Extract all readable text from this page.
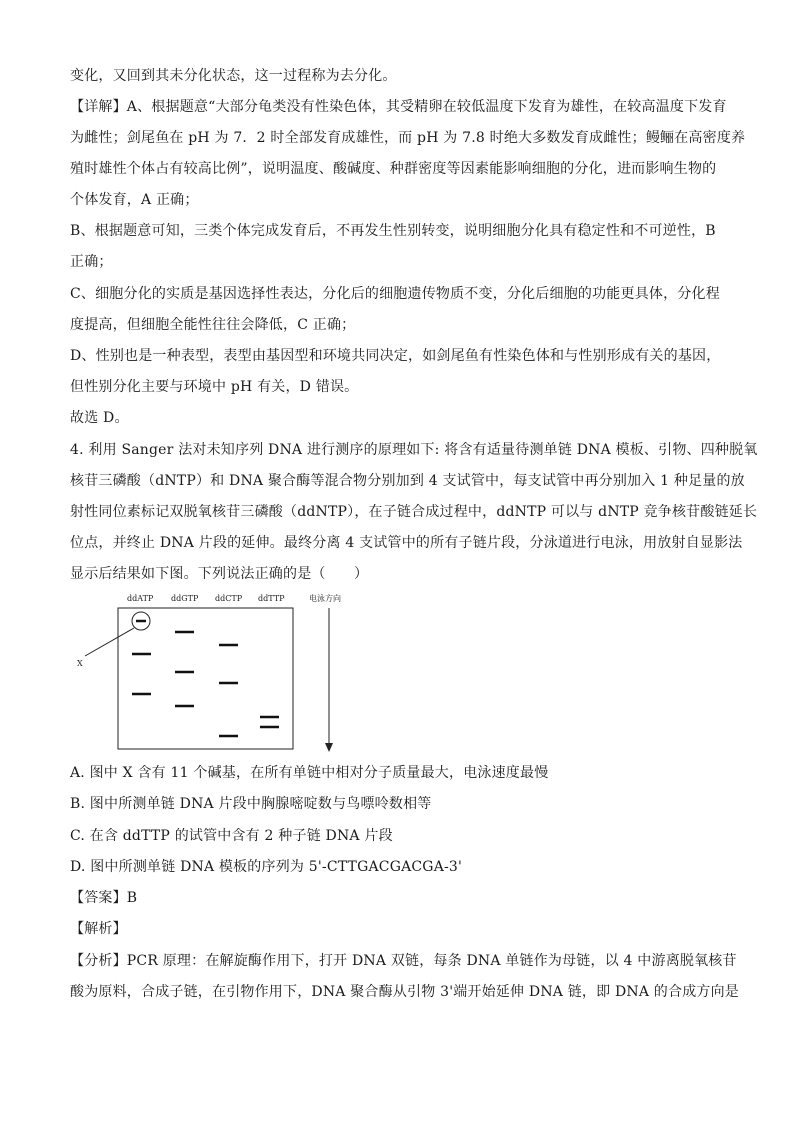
变化，又回到其未分化状态，这一过程称为去分化。
【详解】A、根据题意“大部分龟类没有性染色体，其受精卵在较低温度下发育为雄性，在较高温度下发育
为雌性；剑尾鱼在 pH 为 7．2 时全部发育成雄性，而 pH 为 7.8 时绝大多数发育成雌性；鳗鲡在高密度养
殖时雄性个体占有较高比例”，说明温度、酸碱度、种群密度等因素能影响细胞的分化，进而影响生物的
个体发育，A 正确；
B、根据题意可知，三类个体完成发育后，不再发生性别转变，说明细胞分化具有稳定性和不可逆性，B
正确；
C、细胞分化的实质是基因选择性表达，分化后的细胞遗传物质不变，分化后细胞的功能更具体，分化程
度提高，但细胞全能性往往会降低，C 正确；
D、性别也是一种表型，表型由基因型和环境共同决定，如剑尾鱼有性染色体和与性别形成有关的基因，
但性别分化主要与环境中 pH 有关，D 错误。
故选 D。
4. 利用 Sanger 法对未知序列 DNA 进行测序的原理如下: 将含有适量待测单链 DNA 模板、引物、四种脱氧
核苷三磷酸（dNTP）和 DNA 聚合酶等混合物分别加到 4 支试管中，每支试管中再分别加入 1 种足量的放
射性同位素标记双脱氧核苷三磷酸（ddNTP），在子链合成过程中，ddNTP 可以与 dNTP 竞争核苷酸链延长
位点，并终止 DNA 片段的延伸。最终分离 4 支试管中的所有子链片段，分泳道进行电泳，用放射自显影法
显示后结果如下图。下列说法正确的是（　　）
A. 图中 X 含有 11 个碱基，在所有单链中相对分子质量最大，电泳速度最慢
B. 图中所测单链 DNA 片段中胸腺嘧啶数与鸟嘌呤数相等
C. 在含 ddTTP 的试管中含有 2 种子链 DNA 片段
D. 图中所测单链 DNA 模板的序列为 5'-CTTGACGACGA-3'
【答案】B
【解析】
【分析】PCR 原理：在解旋酶作用下，打开 DNA 双链，每条 DNA 单链作为母链，以 4 中游离脱氧核苷
酸为原料，合成子链，在引物作用下，DNA 聚合酶从引物 3'端开始延伸 DNA 链，即 DNA 的合成方向是
ddATP ddGTP ddCTP ddTTP	电泳方向
X
